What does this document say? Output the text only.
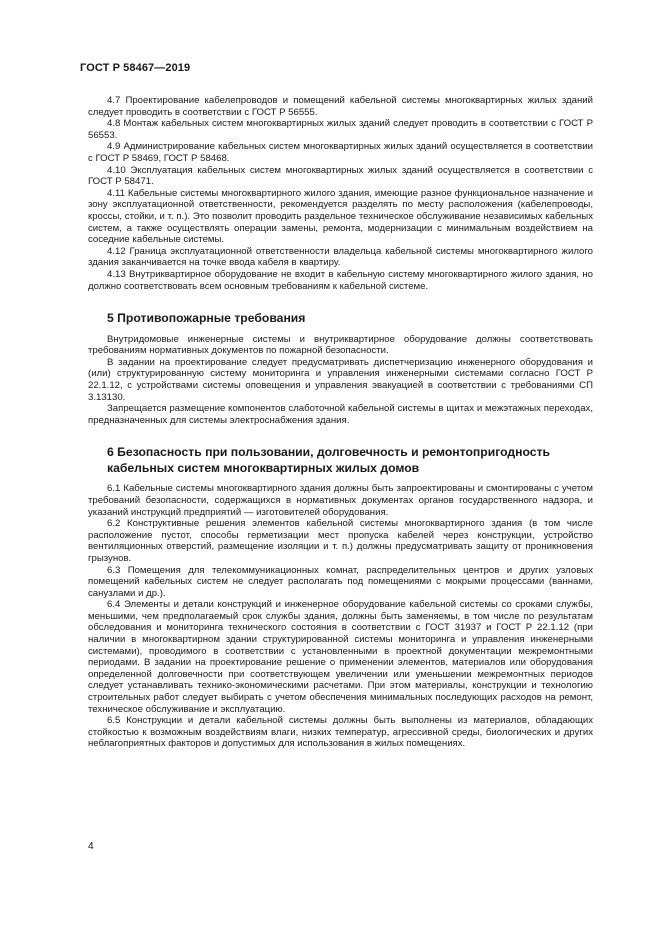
ГОСТ Р 58467—2019

4.7 Проектирование кабелепроводов и помещений кабельной системы многоквартирных жилых зданий следует проводить в соответствии с ГОСТ Р 56555.

4.8 Монтаж кабельных систем многоквартирных жилых зданий следует проводить в соответствии с ГОСТ Р 56553.

4.9 Администрирование кабельных систем многоквартирных жилых зданий осуществляется в соответствии с ГОСТ Р 58469, ГОСТ Р 58468.

4.10 Эксплуатация кабельных систем многоквартирных жилых зданий осуществляется в соответствии с ГОСТ Р 58471.

4.11 Кабельные системы многоквартирного жилого здания, имеющие разное функциональное назначение и зону эксплуатационной ответственности, рекомендуется разделять по месту расположения (кабелепроводы, кроссы, стойки, и т. п.). Это позволит проводить раздельное техническое обслуживание независимых кабельных систем, а также осуществлять операции замены, ремонта, модернизации с минимальным воздействием на соседние кабельные системы.

4.12 Граница эксплуатационной ответственности владельца кабельной системы многоквартирного жилого здания заканчивается на точке ввода кабеля в квартиру.

4.13 Внутриквартирное оборудование не входит в кабельную систему многоквартирного жилого здания, но должно соответствовать всем основным требованиям к кабельной системе.

5 Противопожарные требования

Внутридомовые инженерные системы и внутриквартирное оборудование должны соответствовать требованиям нормативных документов по пожарной безопасности.

В задании на проектирование следует предусматривать диспетчеризацию инженерного оборудования и (или) структурированную систему мониторинга и управления инженерными системами согласно ГОСТ Р 22.1.12, с устройствами системы оповещения и управления эвакуацией в соответствии с требованиями СП 3.13130.

Запрещается размещение компонентов слаботочной кабельной системы в щитах и межэтажных переходах, предназначенных для системы электроснабжения здания.

6 Безопасность при пользовании, долговечность и ремонтопригодность кабельных систем многоквартирных жилых домов

6.1 Кабельные системы многоквартирного здания должны быть запроектированы и смонтированы с учетом требований безопасности, содержащихся в нормативных документах органов государственного надзора, и указаний инструкций предприятий — изготовителей оборудования.

6.2 Конструктивные решения элементов кабельной системы многоквартирного здания (в том числе расположение пустот, способы герметизации мест пропуска кабелей через конструкции, устройство вентиляционных отверстий, размещение изоляции и т. п.) должны предусматривать защиту от проникновения грызунов.

6.3 Помещения для телекоммуникационных комнат, распределительных центров и других узловых помещений кабельных систем не следует располагать под помещениями с мокрыми процессами (ваннами, санузлами и др.).

6.4 Элементы и детали конструкций и инженерное оборудование кабельной системы со сроками службы, меньшими, чем предполагаемый срок службы здания, должны быть заменяемы, в том числе по результатам обследования и мониторинга технического состояния в соответствии с ГОСТ 31937 и ГОСТ Р 22.1.12 (при наличии в многоквартирном здании структурированной системы мониторинга и управления инженерными системами), проводимого в соответствии с установленными в проектной документации межремонтными периодами. В задании на проектирование решение о применении элементов, материалов или оборудования определенной долговечности при соответствующем увеличении или уменьшении межремонтных периодов следует устанавливать технико-экономическими расчетами. При этом материалы, конструкции и технологию строительных работ следует выбирать с учетом обеспечения минимальных последующих расходов на ремонт, техническое обслуживание и эксплуатацию.

6.5 Конструкции и детали кабельной системы должны быть выполнены из материалов, обладающих стойкостью к возможным воздействиям влаги, низких температур, агрессивной среды, биологических и других неблагоприятных факторов и допустимых для использования в жилых помещениях.

4
